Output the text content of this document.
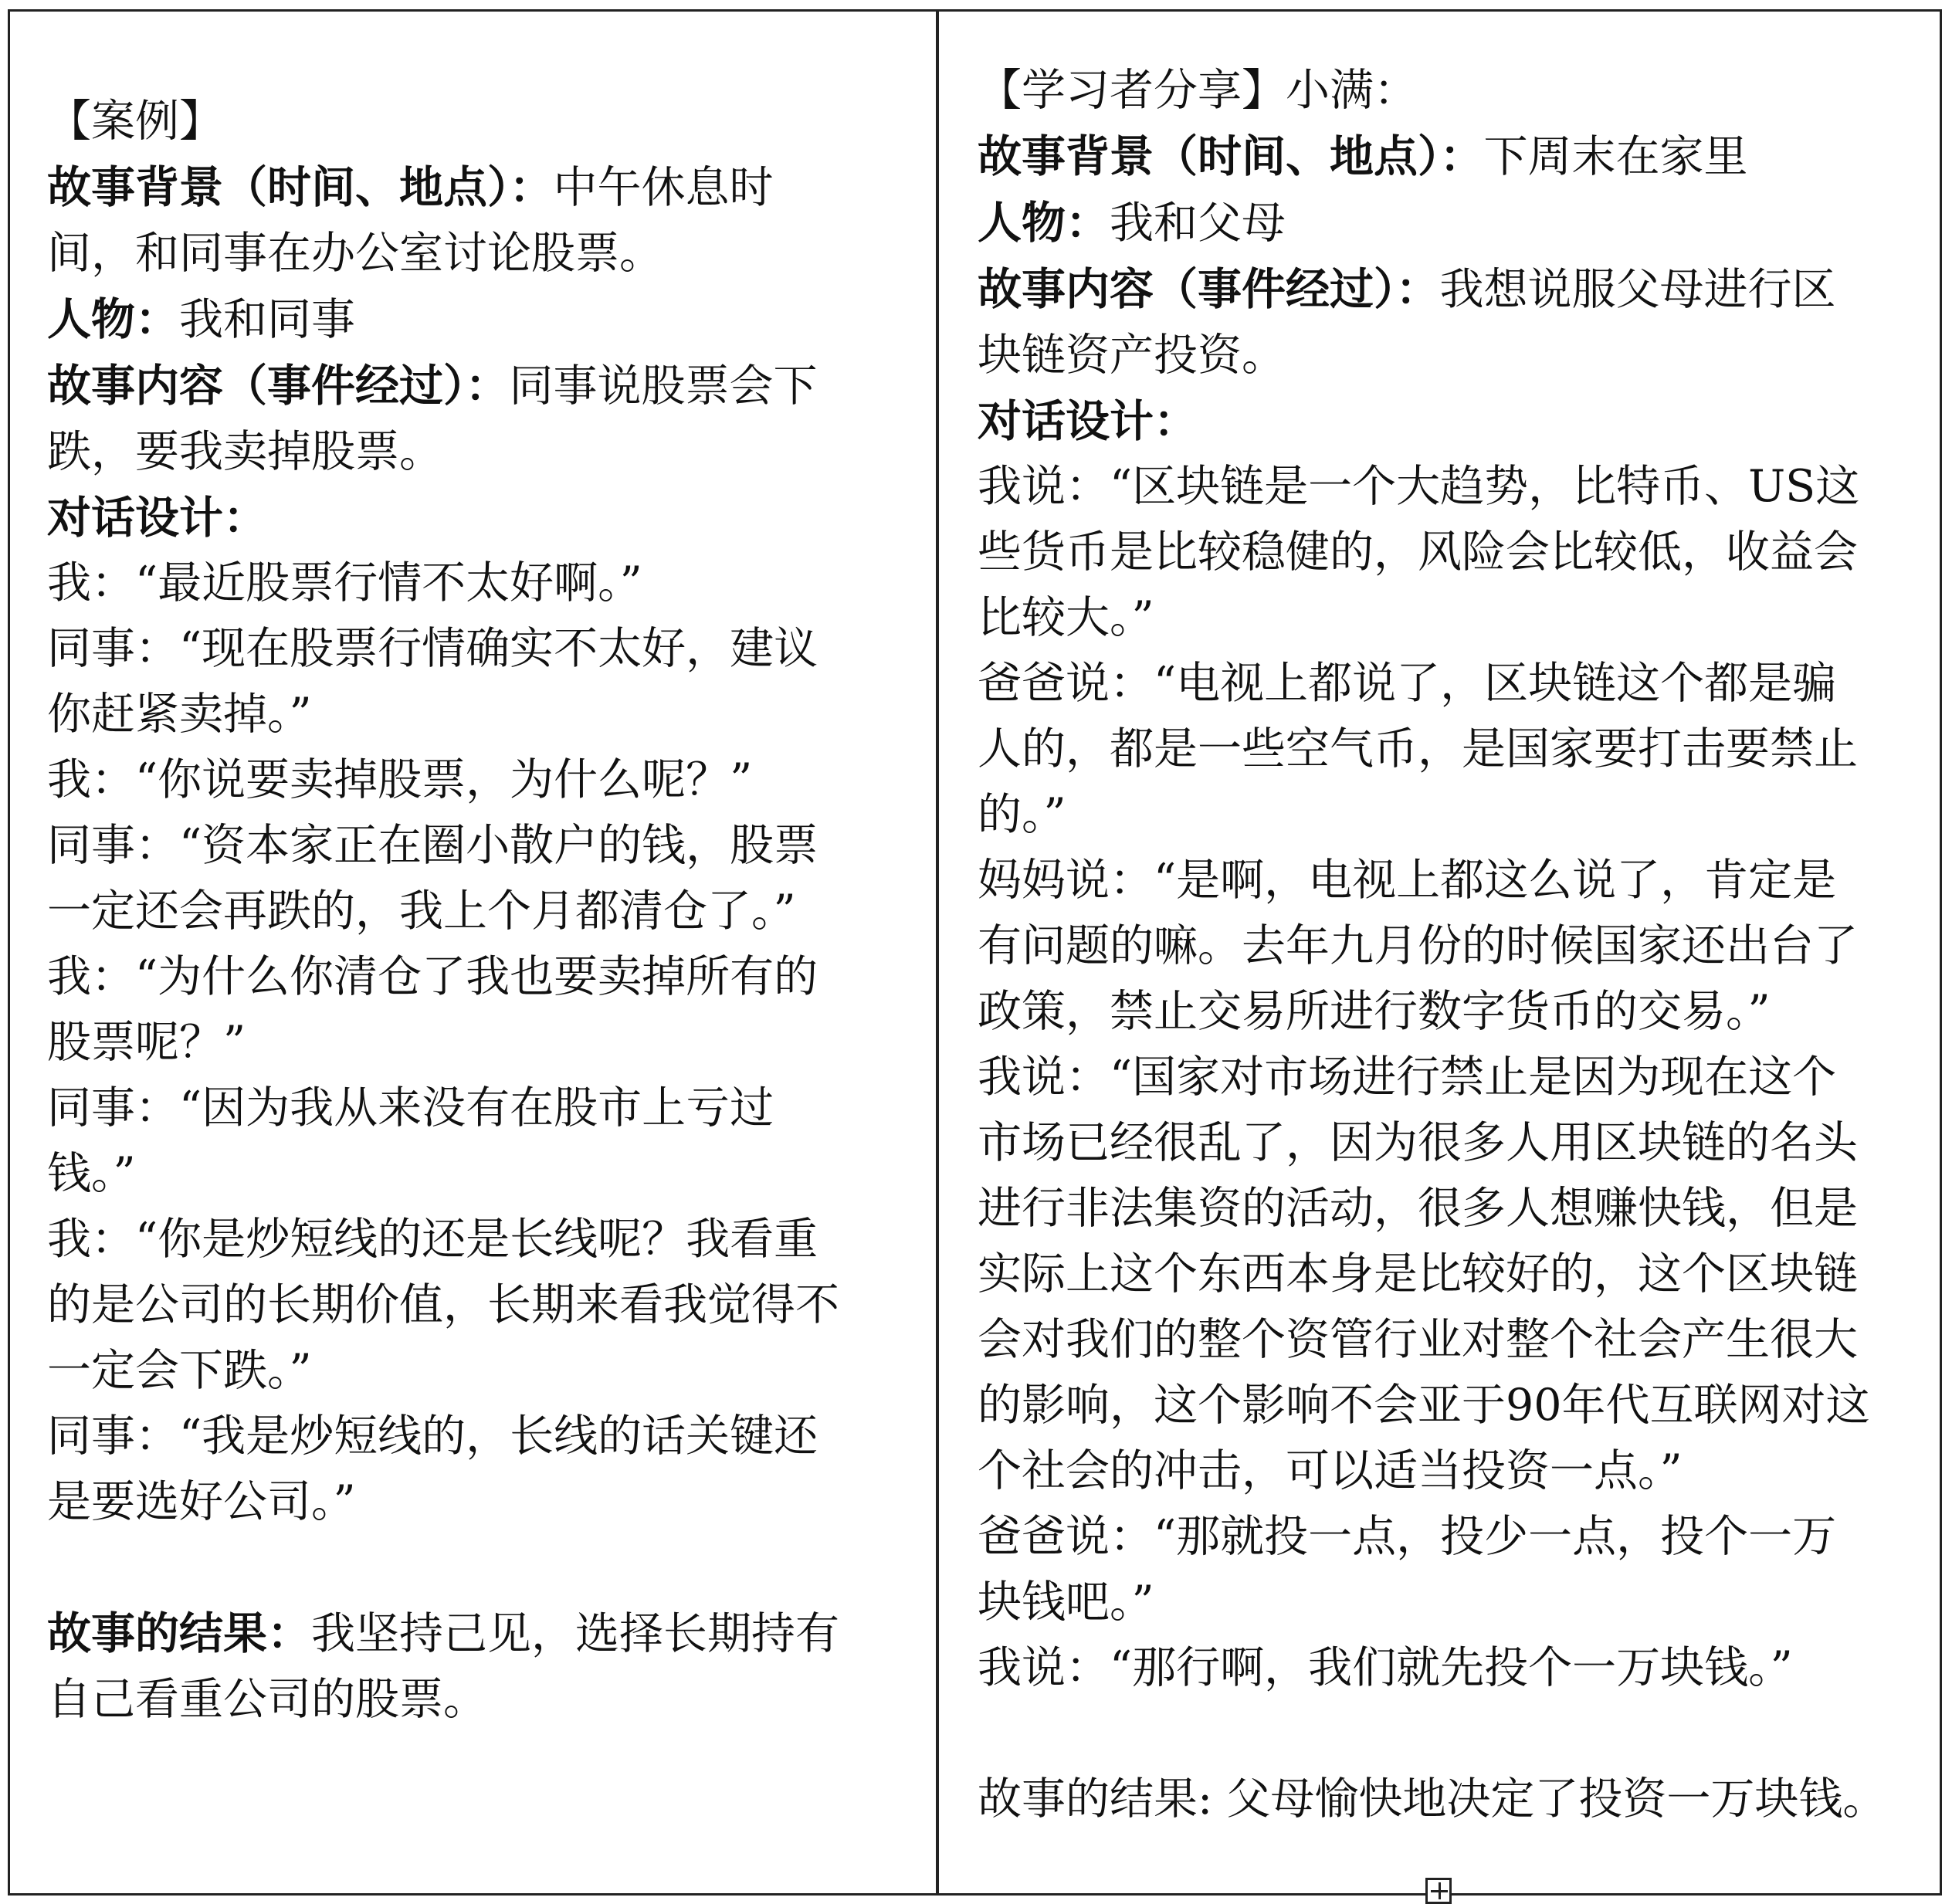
【案例】
故事背景（时间、地点）：中午休息时
间，和同事在办公室讨论股票。
人物：我和同事
故事内容（事件经过）：同事说股票会下
跌，要我卖掉股票。
对话设计：
我：“最近股票行情不太好啊。”
同事：“现在股票行情确实不太好，建议
你赶紧卖掉。”
我：“你说要卖掉股票，为什么呢？”
同事：“资本家正在圈小散户的钱，股票
一定还会再跌的，我上个月都清仓了。”
我：“为什么你清仓了我也要卖掉所有的
股票呢？”
同事：“因为我从来没有在股市上亏过
钱。”
我：“你是炒短线的还是长线呢？我看重
的是公司的长期价值，长期来看我觉得不
一定会下跌。”
同事：“我是炒短线的，长线的话关键还
是要选好公司。”
故事的结果：我坚持己见，选择长期持有
自己看重公司的股票。
【学习者分享】小满：
故事背景（时间、地点）：下周末在家里
人物：我和父母
故事内容（事件经过）：我想说服父母进行区
块链资产投资。
对话设计：
我说：“区块链是一个大趋势，比特币、US这
些货币是比较稳健的，风险会比较低，收益会
比较大。”
爸爸说：“电视上都说了，区块链这个都是骗
人的，都是一些空气币，是国家要打击要禁止
的。”
妈妈说：“是啊，电视上都这么说了，肯定是
有问题的嘛。去年九月份的时候国家还出台了
政策，禁止交易所进行数字货币的交易。”
我说：“国家对市场进行禁止是因为现在这个
市场已经很乱了，因为很多人用区块链的名头
进行非法集资的活动，很多人想赚快钱，但是
实际上这个东西本身是比较好的，这个区块链
会对我们的整个资管行业对整个社会产生很大
的影响，这个影响不会亚于90年代互联网对这
个社会的冲击，可以适当投资一点。”
爸爸说：“那就投一点，投少一点，投个一万
块钱吧。”
我说：“那行啊，我们就先投个一万块钱。”
故事的结果: 父母愉快地决定了投资一万块钱。
